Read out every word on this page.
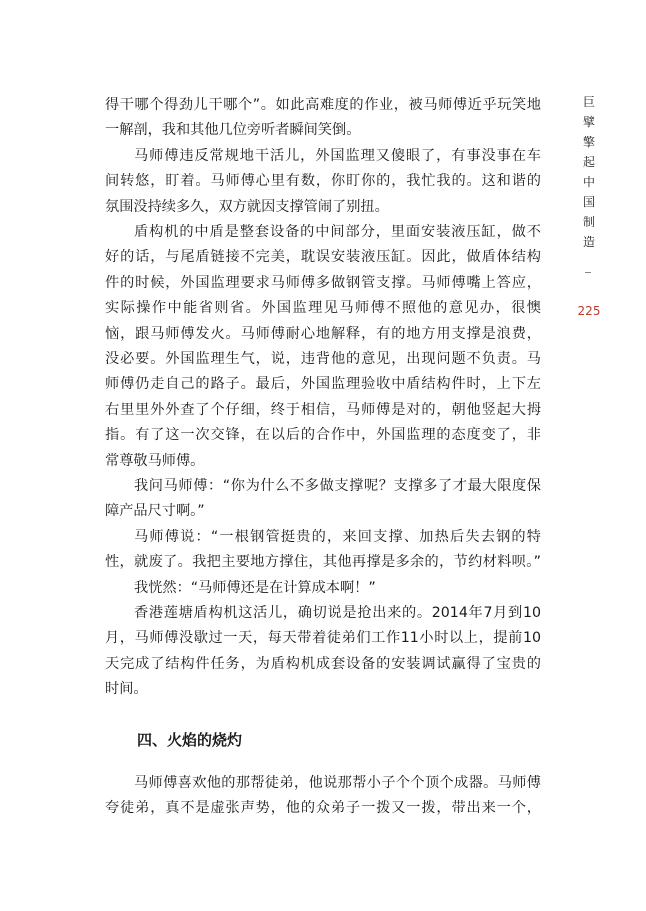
得干哪个得劲儿干哪个”。如此高难度的作业，被马师傅近乎玩笑地
一解剖，我和其他几位旁听者瞬间笑倒。
马师傅违反常规地干活儿，外国监理又傻眼了，有事没事在车
间转悠，盯着。马师傅心里有数，你盯你的，我忙我的。这和谐的
氛围没持续多久，双方就因支撑管闹了别扭。
盾构机的中盾是整套设备的中间部分，里面安装液压缸，做不
好的话，与尾盾链接不完美，耽误安装液压缸。因此，做盾体结构
件的时候，外国监理要求马师傅多做钢管支撑。马师傅嘴上答应，
实际操作中能省则省。外国监理见马师傅不照他的意见办，很懊
恼，跟马师傅发火。马师傅耐心地解释，有的地方用支撑是浪费，
没必要。外国监理生气，说，违背他的意见，出现问题不负责。马
师傅仍走自己的路子。最后，外国监理验收中盾结构件时，上下左
右里里外外查了个仔细，终于相信，马师傅是对的，朝他竖起大拇
指。有了这一次交锋，在以后的合作中，外国监理的态度变了，非
常尊敬马师傅。
我问马师傅：“你为什么不多做支撑呢？支撑多了才最大限度保
障产品尺寸啊。”
马师傅说：“一根钢管挺贵的，来回支撑、加热后失去钢的特
性，就废了。我把主要地方撑住，其他再撑是多余的，节约材料呗。”
我恍然：“马师傅还是在计算成本啊！”
香港莲塘盾构机这活儿，确切说是抢出来的。2014年7月到10
月，马师傅没歇过一天，每天带着徒弟们工作11小时以上，提前10
天完成了结构件任务，为盾构机成套设备的安装调试赢得了宝贵的
时间。
四、火焰的烧灼
马师傅喜欢他的那帮徒弟，他说那帮小子个个顶个成器。马师傅
夸徒弟，真不是虚张声势，他的众弟子一拨又一拨，带出来一个，
巨
擘
擎
起
中
国
制
造
225
